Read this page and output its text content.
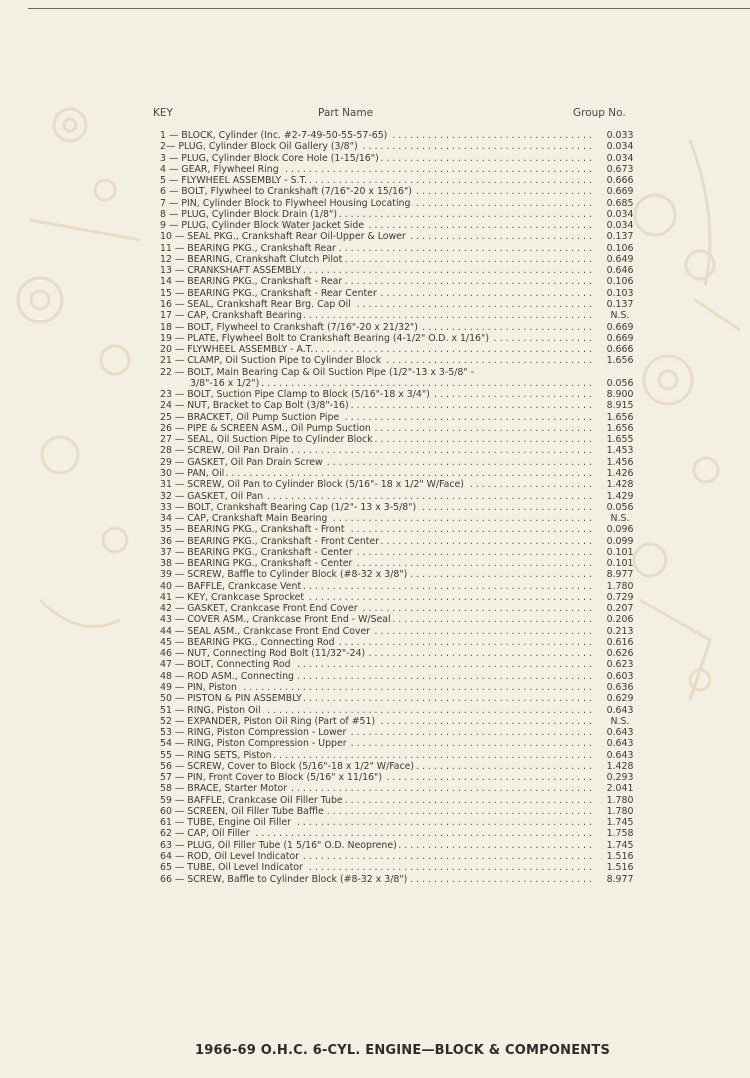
KEY	Part Name	Group No.
1 — BLOCK, Cylinder (Inc. #2-7-49-50-55-57-65) . . .	0.033
2— PLUG, Cylinder Block Oil Gallery (3/8") . . .	0.034
3 — PLUG, Cylinder Block Core Hole (1-15/16") . . .	0.034
4 — GEAR, Flywheel Ring . . .	0.673
5 — FLYWHEEL ASSEMBLY - S.T. . . .	0.666
6 — BOLT, Flywheel to Crankshaft (7/16"-20 x 15/16") . . .	0.669
7 — PIN, Cylinder Block to Flywheel Housing Locating . . .	0.685
8 — PLUG, Cylinder Block Drain (1/8") . . .	0.034
9 — PLUG, Cylinder Block Water Jacket Side . . .	0.034
10 — SEAL PKG., Crankshaft Rear Oil-Upper & Lower . . .	0.137
11 — BEARING PKG., Crankshaft Rear . . .	0.106
12 — BEARING, Crankshaft Clutch Pilot . . .	0.649
13 — CRANKSHAFT ASSEMBLY . . .	0.646
14 — BEARING PKG., Crankshaft - Rear . . .	0.106
15 — BEARING PKG., Crankshaft - Rear Center . . .	0.103
16 — SEAL, Crankshaft Rear Brg. Cap Oil . . .	0.137
17 — CAP, Crankshaft Bearing . . .	N.S.
18 — BOLT, Flywheel to Crankshaft (7/16"-20 x 21/32") . . .	0.669
19 — PLATE, Flywheel Bolt to Crankshaft Bearing (4-1/2" O.D. x 1/16") . . .	0.669
20 — FLYWHEEL ASSEMBLY - A.T. . . .	0.666
21 — CLAMP, Oil Suction Pipe to Cylinder Block . . .	1.656
22 — BOLT, Main Bearing Cap & Oil Suction Pipe (1/2"-13 x 3-5/8" -
3/8"-16 x 1/2") . . .	0.056
23 — BOLT, Suction Pipe Clamp to Block (5/16"-18 x 3/4") . . .	8.900
24 — NUT, Bracket to Cap Bolt (3/8"-16) . . .	8.915
25 — BRACKET, Oil Pump Suction Pipe . . .	1.656
26 — PIPE & SCREEN ASM., Oil Pump Suction . . .	1.656
27 — SEAL, Oil Suction Pipe to Cylinder Block . . .	1.655
28 — SCREW, Oil Pan Drain . . .	1.453
29 — GASKET, Oil Pan Drain Screw . . .	1.456
30 — PAN, Oil . . .	1.426
31 — SCREW, Oil Pan to Cylinder Block (5/16"- 18 x 1/2" W/Face) . . .	1.428
32 — GASKET, Oil Pan . . .	1.429
33 — BOLT, Crankshaft Bearing Cap (1/2"- 13 x 3-5/8") . . .	0.056
34 — CAP, Crankshaft Main Bearing . . .	N.S.
35 — BEARING PKG., Crankshaft - Front . . .	0.096
36 — BEARING PKG., Crankshaft - Front Center . . .	0.099
37 — BEARING PKG., Crankshaft - Center . . .	0.101
38 — BEARING PKG., Crankshaft - Center . . .	0.101
39 — SCREW, Baffle to Cylinder Block (#8-32 x 3/8") . . .	8.977
40 — BAFFLE, Crankcase Vent . . .	1.780
41 — KEY, Crankcase Sprocket . . .	0.729
42 — GASKET, Crankcase Front End Cover . . .	0.207
43 — COVER ASM., Crankcase Front End - W/Seal . . .	0.206
44 — SEAL ASM., Crankcase Front End Cover . . .	0.213
45 — BEARING PKG., Connecting Rod . . .	0.616
46 — NUT, Connecting Rod Bolt (11/32"-24) . . .	0.626
47 — BOLT, Connecting Rod . . .	0.623
48 — ROD ASM., Connecting . . .	0.603
49 — PIN, Piston . . .	0.636
50 — PISTON & PIN ASSEMBLY . . .	0.629
51 — RING, Piston Oil . . .	0.643
52 — EXPANDER, Piston Oil Ring (Part of #51) . . .	N.S.
53 — RING, Piston Compression - Lower . . .	0.643
54 — RING, Piston Compression - Upper . . .	0.643
55 — RING SETS, Piston . . .	0.643
56 — SCREW, Cover to Block (5/16"-18 x 1/2" W/Face) . . .	1.428
57 — PIN, Front Cover to Block (5/16" x 11/16") . . .	0.293
58 — BRACE, Starter Motor . . .	2.041
59 — BAFFLE, Crankcase Oil Filler Tube . . .	1.780
60 — SCREEN, Oil Filler Tube Baffle . . .	1.780
61 — TUBE, Engine Oil Filler . . .	1.745
62 — CAP, Oil Filler . . .	1.758
63 — PLUG, Oil Filler Tube (1 5/16" O.D. Neoprene) . . .	1.745
64 — ROD, Oil Level Indicator . . .	1.516
65 — TUBE, Oil Level Indicator . . .	1.516
66 — SCREW, Baffle to Cylinder Block (#8-32 x 3/8") . . .	8.977
1966-69 O.H.C. 6-CYL. ENGINE—BLOCK & COMPONENTS
